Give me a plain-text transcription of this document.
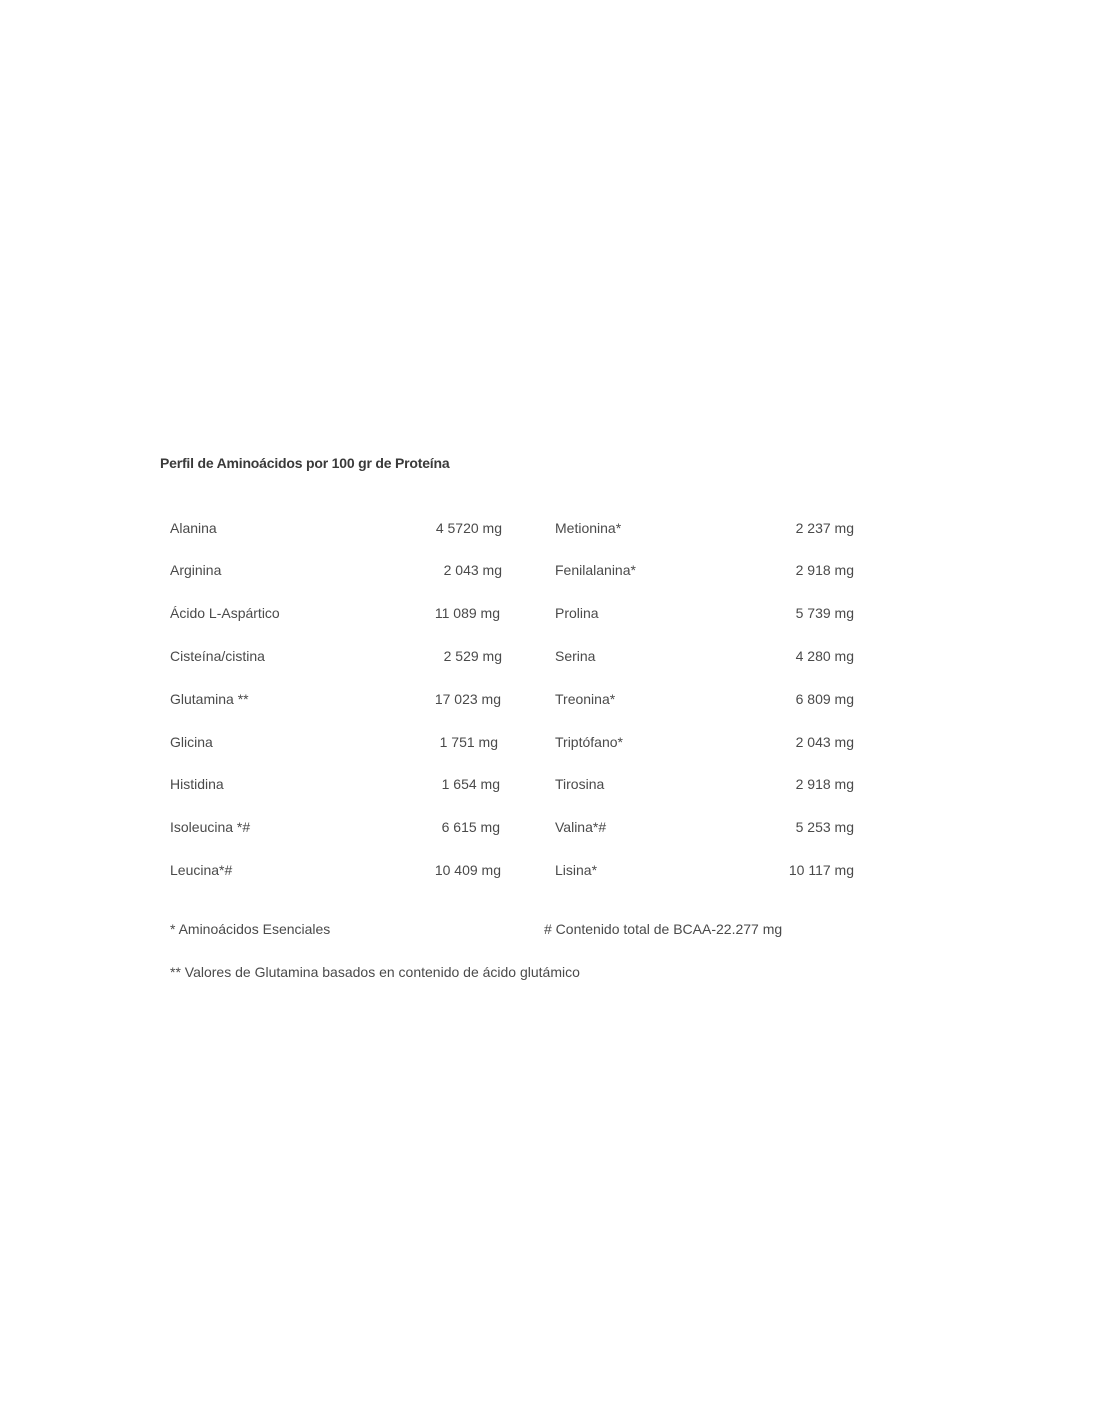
Perfil de Aminoácidos por 100 gr de Proteína
Alanina	4 5720 mg	Metionina*	2 237 mg
Arginina	2 043 mg	Fenilalanina*	2 918 mg
Ácido L-Aspártico	11 089 mg	Prolina	5 739 mg
Cisteína/cistina	2 529 mg	Serina	4 280 mg
Glutamina **	17 023 mg	Treonina*	6 809 mg
Glicina	1 751 mg	Triptófano*	2 043 mg
Histidina	1 654 mg	Tirosina	2 918 mg
Isoleucina *#	6 615 mg	Valina*#	5 253 mg
Leucina*#	10 409 mg	Lisina*	10 117 mg
* Aminoácidos Esenciales	# Contenido total de BCAA-22.277 mg
** Valores de Glutamina basados en contenido de ácido glutámico
